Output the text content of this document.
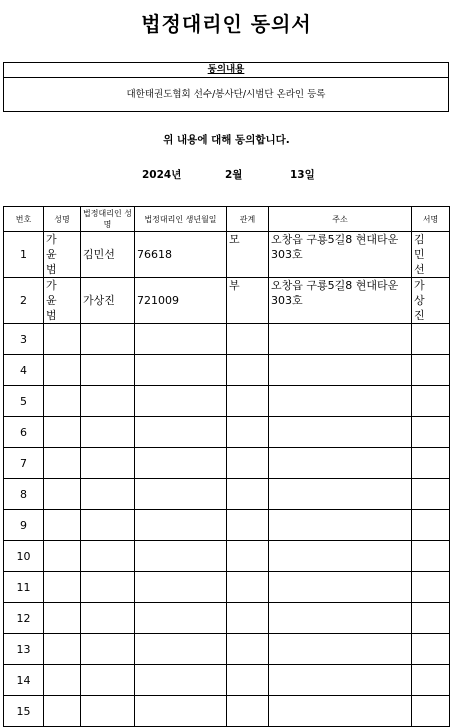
법정대리인 동의서
동의내용
대한태권도협회 선수/봉사단/시범단 온라인 등록
위 내용에 대해 동의합니다.
2024년	2월	13일
번호	성명	법정대리인 성명	법정대리인 생년월일	관계	주소	서명
1	가윤범	김민선	76618	모	오창읍 구룡5길8 현대타운 303호	김민선
2	가윤범	가상진	721009	부	오창읍 구룡5길8 현대타운 303호	가상진
3						
4						
5						
6						
7						
8						
9						
10						
11						
12						
13						
14						
15						
